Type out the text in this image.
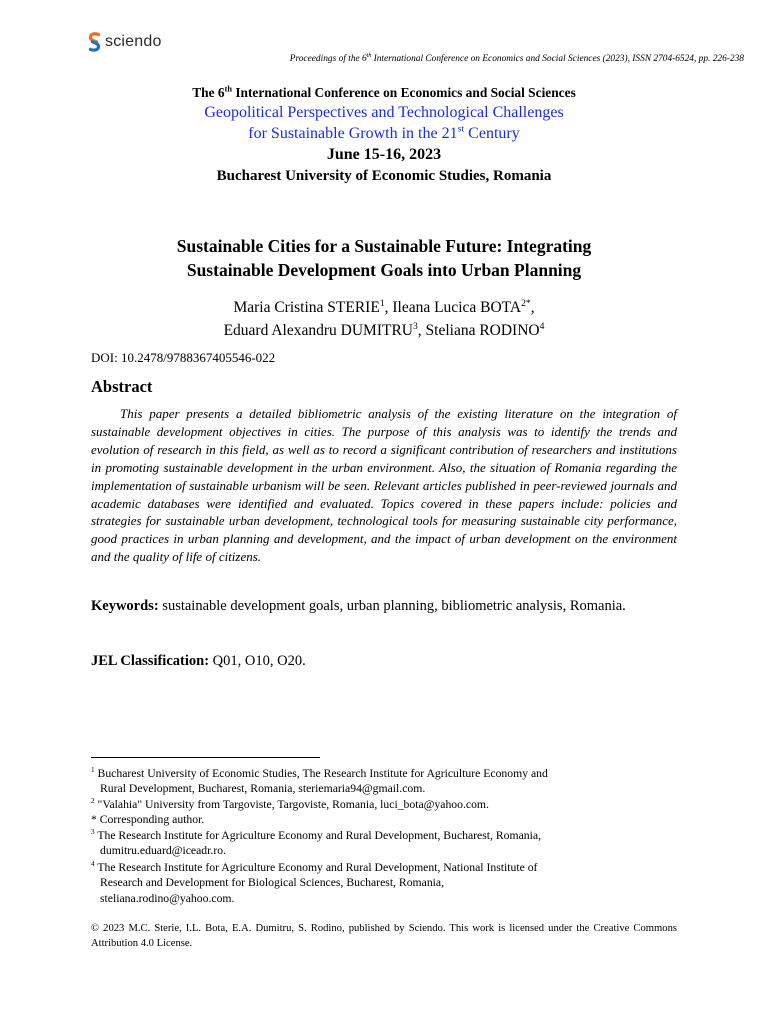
sciendo
Proceedings of the 6th International Conference on Economics and Social Sciences (2023), ISSN 2704-6524, pp. 226-238
The 6th International Conference on Economics and Social Sciences
Geopolitical Perspectives and Technological Challenges
for Sustainable Growth in the 21st Century
June 15-16, 2023
Bucharest University of Economic Studies, Romania
Sustainable Cities for a Sustainable Future: Integrating
Sustainable Development Goals into Urban Planning
Maria Cristina STERIE$^1$, Ileana Lucica $BOTA^{2*}$,
Eduard Alexandru DUMITRU$^3$, Steliana RODINO$^4$
DOI: 10.2478/9788367405546-022
Abstract

This paper presents a detailed bibliometric analysis of the existing literature on the integration of sustainable development objectives in cities. The purpose of this analysis was to identify the trends and evolution of research in this field, as well as to record a significant contribution of researchers and institutions in promoting sustainable development in the urban environment. Also, the situation of Romania regarding the implementation of sustainable urbanism will be seen. Relevant articles published in peer-reviewed journals and academic databases were identified and evaluated. Topics covered in these papers include: policies and strategies for sustainable urban development, technological tools for measuring sustainable city performance, good practices in urban planning and development, and the impact of urban development on the environment and the quality of life of citizens.

Keywords: sustainable development goals, urban planning, bibliometric analysis, Romania.

JEL Classification: Q01, O10, O20.

$^1$ Bucharest University of Economic Studies, The Research Institute for Agriculture Economy and
Rural Development, Bucharest, Romania, steriemaria94@gmail.com.

$^2$ "Valahia" University from Targoviste, Targoviste, Romania, luci_bota@yahoo.com.

* Corresponding author.

$^3$ The Research Institute for Agriculture Economy and Rural Development, Bucharest, Romania,
dumitru.eduard@iceadr.ro.

$^4$ The Research Institute for Agriculture Economy and Rural Development, National Institute of
Research and Development for Biological Sciences, Bucharest, Romania,
steliana.rodino@yahoo.com.

© 2023 M.C. Sterie, I.L. Bota, E.A. Dumitru, S. Rodino, published by Sciendo. This work is licensed under the Creative Commons Attribution 4.0 License.
